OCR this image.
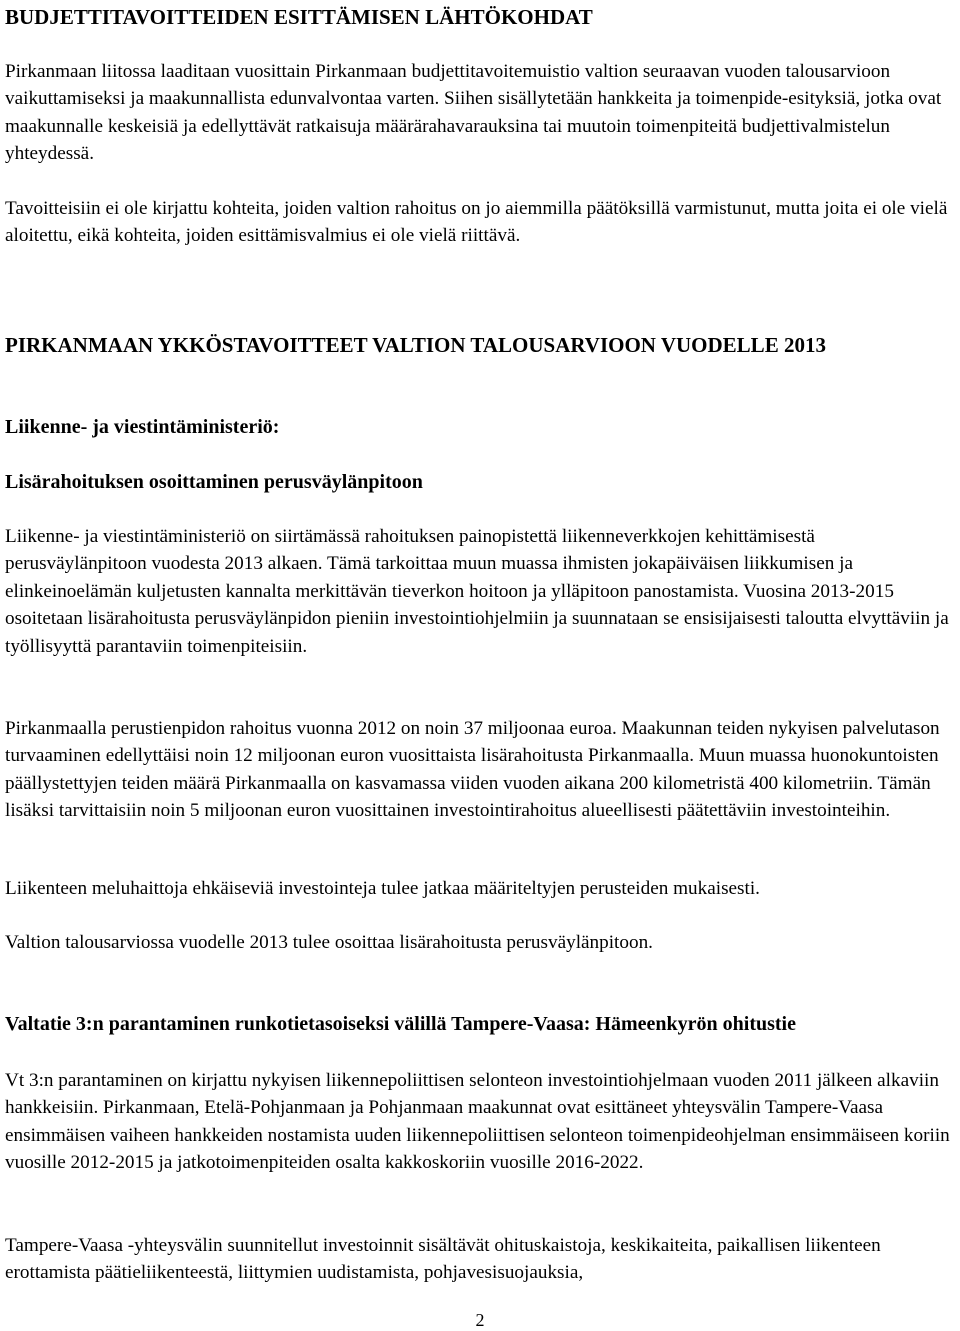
BUDJETTITAVOITTEIDEN ESITTÄMISEN LÄHTÖKOHDAT

Pirkanmaan liitossa laaditaan vuosittain Pirkanmaan budjettitavoitemuistio valtion seuraavan vuoden talousarvioon vaikuttamiseksi ja maakunnallista edunvalvontaa varten. Siihen sisällytetään hankkeita ja toimenpide-esityksiä, jotka ovat maakunnalle keskeisiä ja edellyttävät ratkaisuja määrärahavarauksina tai muutoin toimenpiteitä budjettivalmistelun yhteydessä.

Tavoitteisiin ei ole kirjattu kohteita, joiden valtion rahoitus on jo aiemmilla päätöksillä varmistunut, mutta joita ei ole vielä aloitettu, eikä kohteita, joiden esittämisvalmius ei ole vielä riittävä.

PIRKANMAAN YKKÖSTAVOITTEET VALTION TALOUSARVIOON VUODELLE 2013
Liikenne- ja viestintäministeriö:
Lisärahoituksen osoittaminen perusväylänpitoon

Liikenne- ja viestintäministeriö on siirtämässä rahoituksen painopistettä liikenneverkkojen kehittämisestä perusväylänpitoon vuodesta 2013 alkaen. Tämä tarkoittaa muun muassa ihmisten jokapäiväisen liikkumisen ja elinkeinoelämän kuljetusten kannalta merkittävän tieverkon hoitoon ja ylläpitoon panostamista. Vuosina 2013-2015 osoitetaan lisärahoitusta perusväylänpidon pieniin investointiohjelmiin ja suunnataan se ensisijaisesti taloutta elvyttäviin ja työllisyyttä parantaviin toimenpiteisiin.

Pirkanmaalla perustienpidon rahoitus vuonna 2012 on noin 37 miljoonaa euroa. Maakunnan teiden nykyisen palvelutason turvaaminen edellyttäisi noin 12 miljoonan euron vuosittaista lisärahoitusta Pirkanmaalla. Muun muassa huonokuntoisten päällystettyjen teiden määrä Pirkanmaalla on kasvamassa viiden vuoden aikana 200 kilometristä 400 kilometriin. Tämän lisäksi tarvittaisiin noin 5 miljoonan euron vuosittainen investointirahoitus alueellisesti päätettäviin investointeihin.

Liikenteen meluhaittoja ehkäiseviä investointeja tulee jatkaa määriteltyjen perusteiden mukaisesti.

Valtion talousarviossa vuodelle 2013 tulee osoittaa lisärahoitusta perusväylänpitoon.

Valtatie 3:n parantaminen runkotietasoiseksi välillä Tampere-Vaasa: Hämeenkyrön ohitustie

Vt 3:n parantaminen on kirjattu nykyisen liikennepoliittisen selonteon investointiohjelmaan vuoden 2011 jälkeen alkaviin hankkeisiin. Pirkanmaan, Etelä-Pohjanmaan ja Pohjanmaan maakunnat ovat esittäneet yhteysvälin Tampere-Vaasa ensimmäisen vaiheen hankkeiden nostamista uuden liikennepoliittisen selonteon toimenpideohjelman ensimmäiseen koriin vuosille 2012-2015 ja jatkotoimenpiteiden osalta kakkoskoriin vuosille 2016-2022.

Tampere-Vaasa -yhteysvälin suunnitellut investoinnit sisältävät ohituskaistoja, keskikaiteita, paikallisen liikenteen erottamista päätieliikenteestä, liittymien uudistamista, pohjavesisuojauksia,

2
